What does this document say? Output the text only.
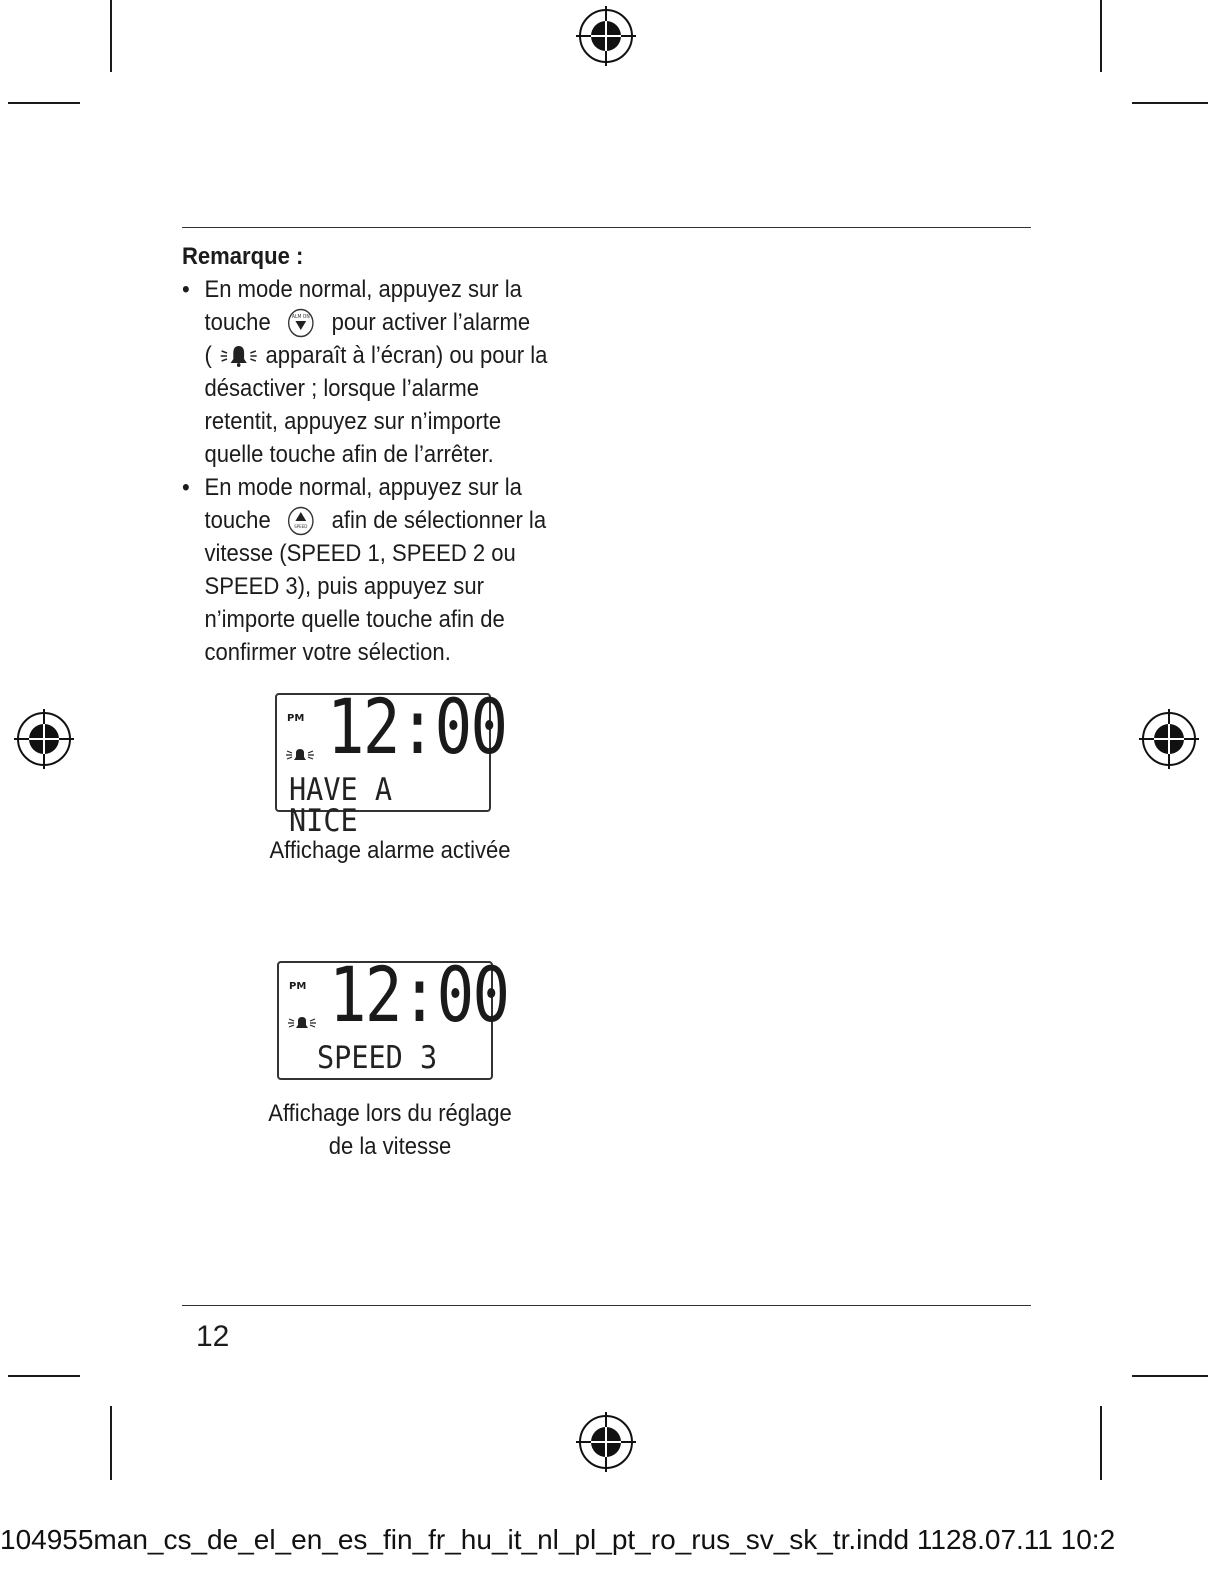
Remarque :
• En mode normal, appuyez sur la
touche	ALM ON pour activer l’alarme
( apparaît à l’écran) ou pour la
désactiver ; lorsque l’alarme
retentit, appuyez sur n’importe
quelle touche afin de l’arrêter.
• En mode normal, appuyez sur la
touche	SPEED afin de sélectionner la
vitesse (SPEED 1, SPEED 2 ou
SPEED 3), puis appuyez sur
n’importe quelle touche afin de
confirmer votre sélection.
PM 12:00
HAVE A NICE
Affichage alarme activée
PM 12:00
SPEED 3
Affichage lors du réglage
de la vitesse
12
104955man_cs_de_el_en_es_fin_fr_hu_it_nl_pl_pt_ro_rus_sv_sk_tr.indd 1128.07.11 10:2
